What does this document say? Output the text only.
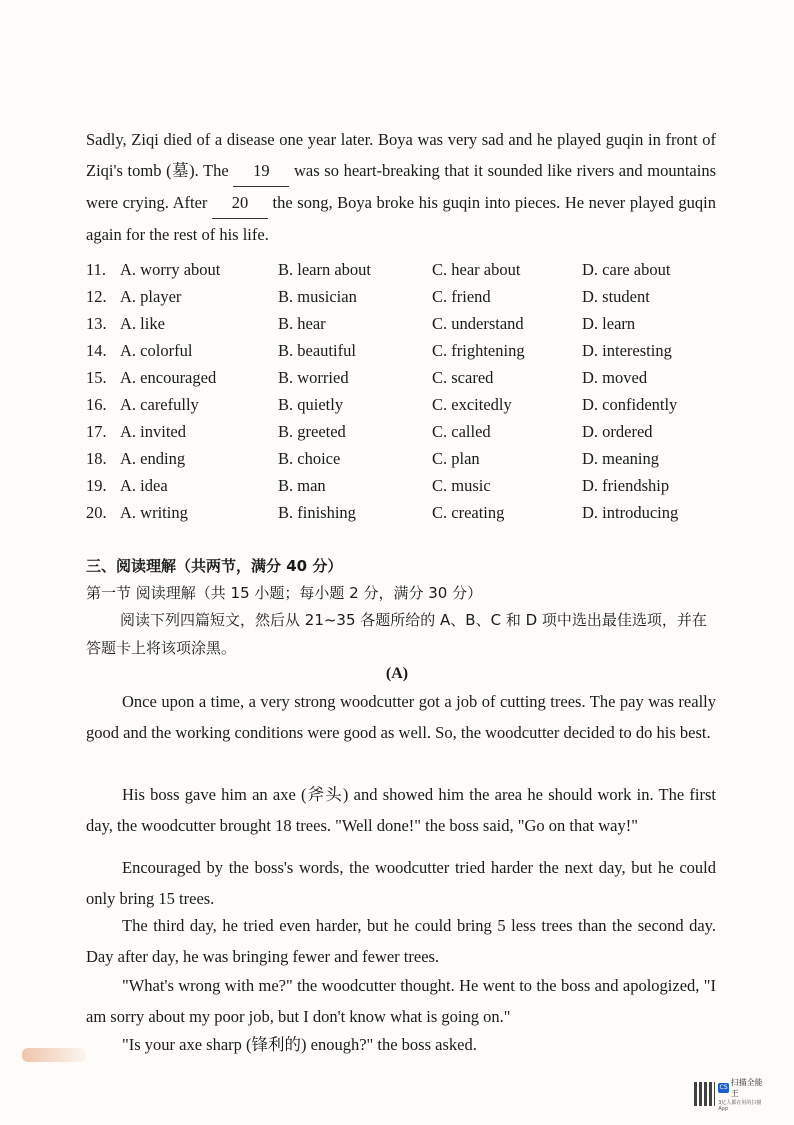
Sadly, Ziqi died of a disease one year later. Boya was very sad and he played guqin in front of Ziqi's tomb (墓). The 19 was so heart-breaking that it sounded like rivers and mountains were crying. After 20 the song, Boya broke his guqin into pieces. He never played guqin again for the rest of his life.

11. A. worry about	B. learn about	C. hear about	D. care about
12. A. player	B. musician	C. friend	D. student
13. A. like	B. hear	C. understand	D. learn
14. A. colorful	B. beautiful	C. frightening	D. interesting
15. A. encouraged	B. worried	C. scared	D. moved
16. A. carefully	B. quietly	C. excitedly	D. confidently
17. A. invited	B. greeted	C. called	D. ordered
18. A. ending	B. choice	C. plan	D. meaning
19. A. idea	B. man	C. music	D. friendship
20. A. writing	B. finishing	C. creating	D. introducing
三、阅读理解（共两节，满分 40 分）
第一节 阅读理解（共 15 小题；每小题 2 分，满分 30 分）

阅读下列四篇短文，然后从 21~35 各题所给的 A、B、C 和 D 项中选出最佳选项，并在答题卡上将该项涂黑。

(A)

Once upon a time, a very strong woodcutter got a job of cutting trees. The pay was really good and the working conditions were good as well. So, the woodcutter decided to do his best.

His boss gave him an axe (斧头) and showed him the area he should work in. The first day, the woodcutter brought 18 trees. "Well done!" the boss said, "Go on that way!"

Encouraged by the boss's words, the woodcutter tried harder the next day, but he could only bring 15 trees.

The third day, he tried even harder, but he could bring 5 less trees than the second day. Day after day, he was bringing fewer and fewer trees.

"What's wrong with me?" the woodcutter thought. He went to the boss and apologized, "I am sorry about my poor job, but I don't know what is going on."

"Is your axe sharp (锋利的) enough?" the boss asked.

CS
扫描全能王
3亿人都在用的扫描App
